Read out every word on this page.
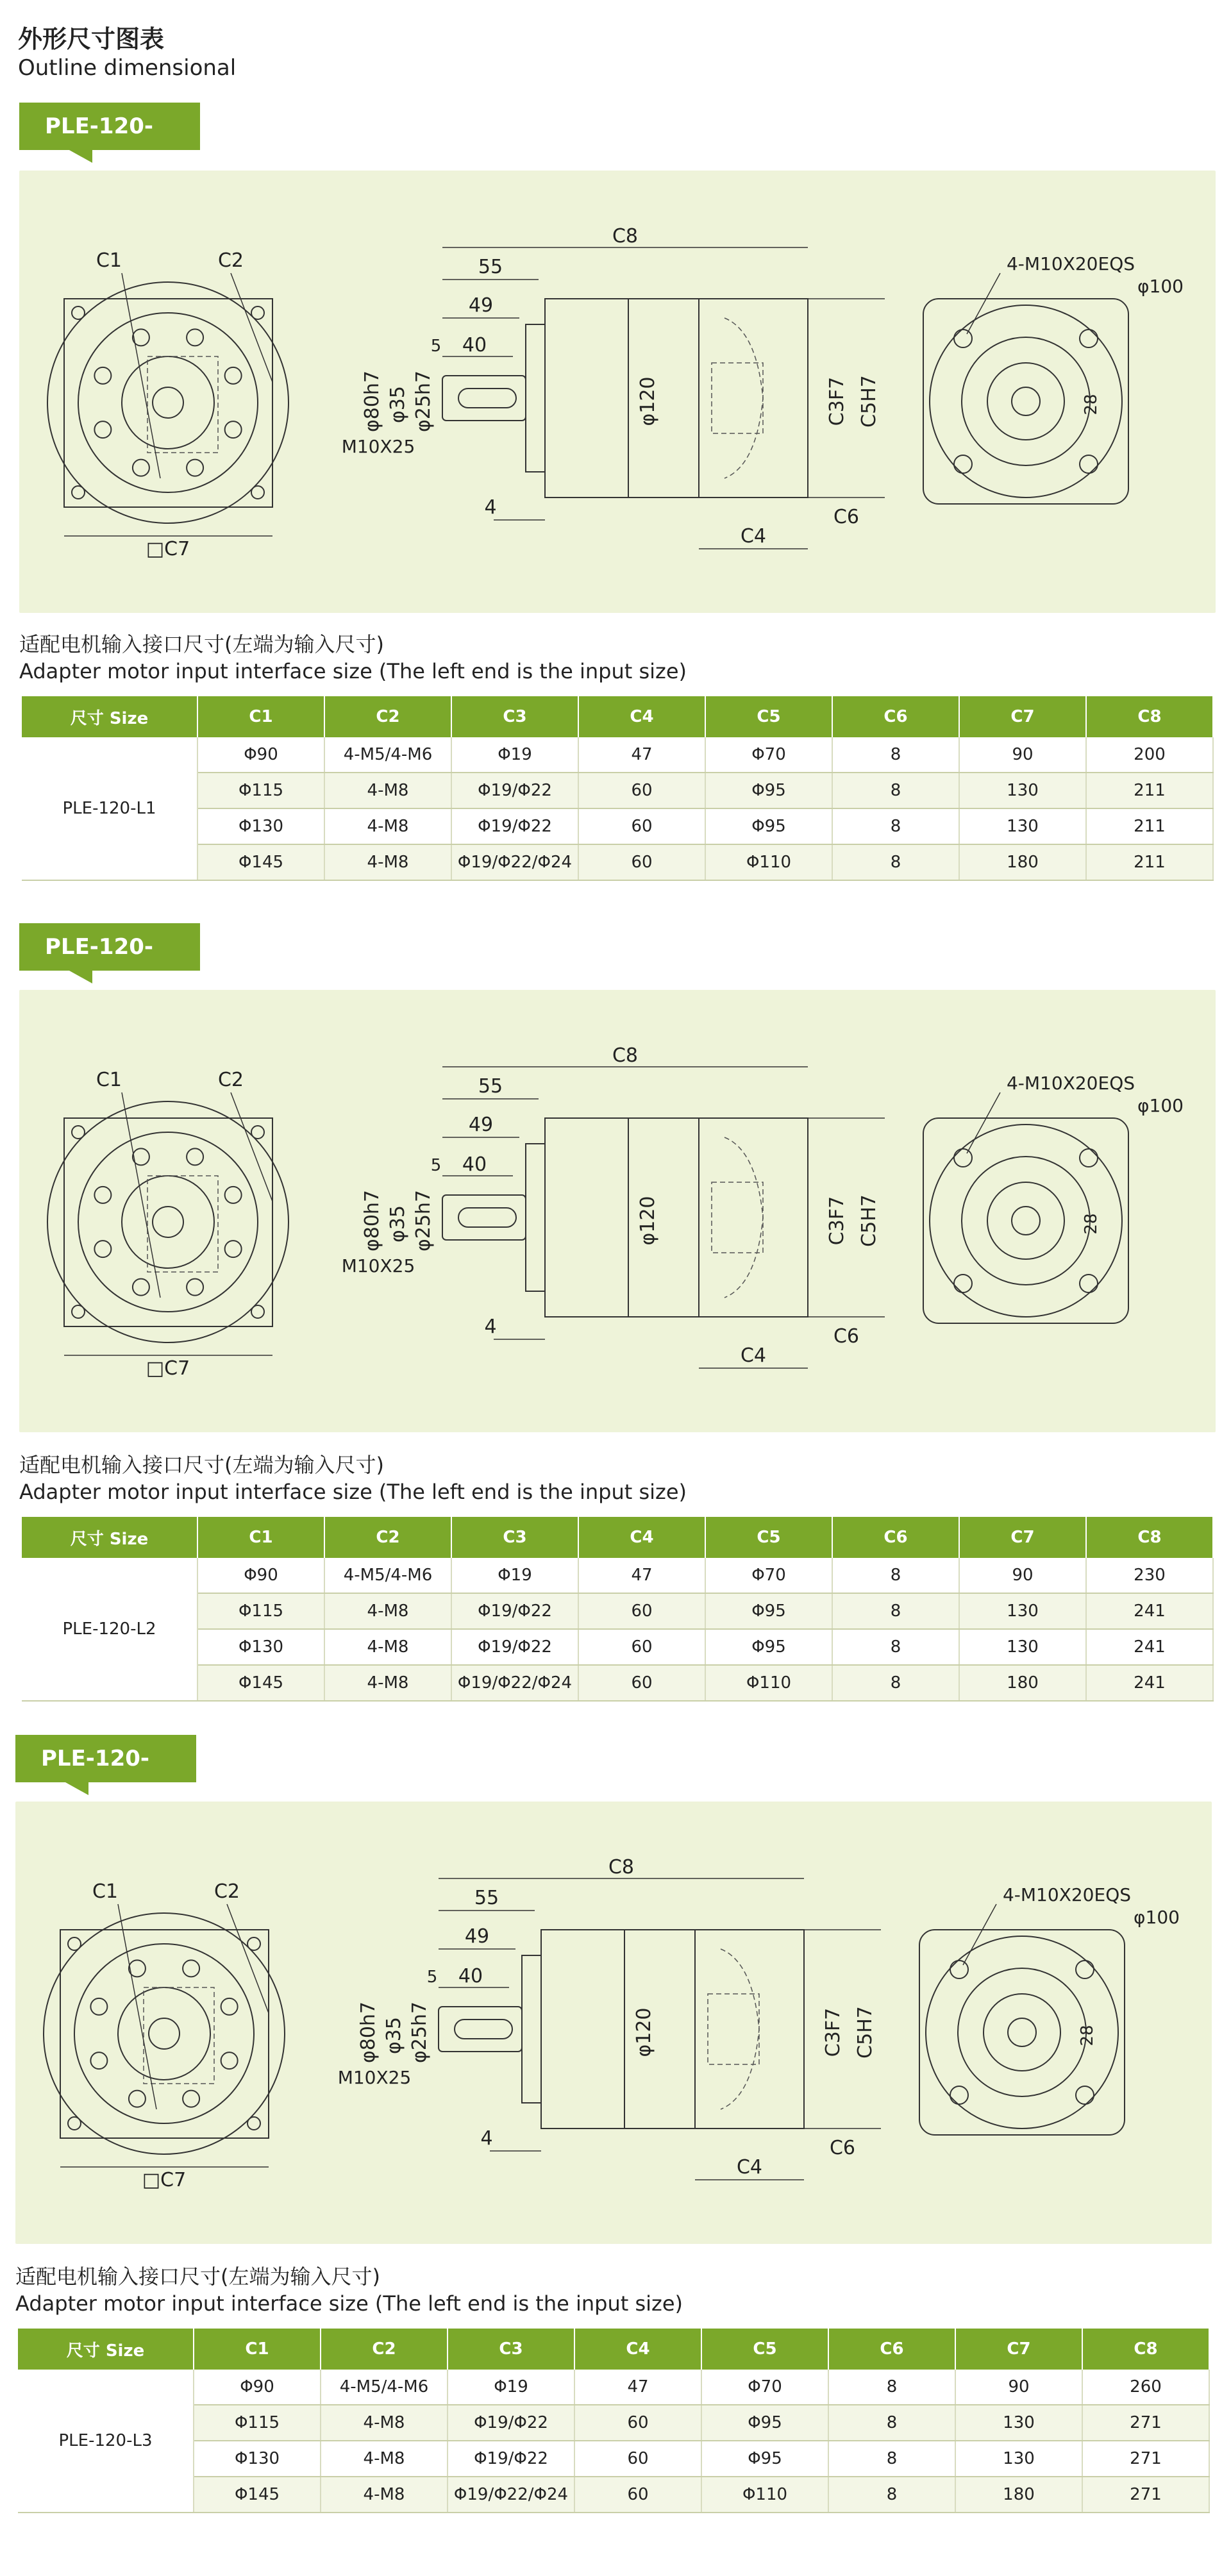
外形尺寸图表
Outline dimensional
PLE-120-
C1	C2
□C7
C8
55
49
5 40
φ80h7 φ35 φ25h7
M10X25
φ120	C3F7 C5H7
4
C4
C6
4-M10X20EQS
φ100
28
适配电机输入接口尺寸(左端为输入尺寸)
Adapter motor input interface size (The left end is the input size)
尺寸 Size	C1	C2	C3	C4	C5	C6	C7	C8
PLE-120-L1	Φ90	4-M5/4-M6	Φ19	47	Φ70	8	90	200
	Φ115	4-M8	Φ19/Φ22	60	Φ95	8	130	211
	Φ130	4-M8	Φ19/Φ22	60	Φ95	8	130	211
	Φ145	4-M8	Φ19/Φ22/Φ24	60	Φ110	8	180	211
PLE-120-
C1	C2
□C7
C8
55
49
5 40
φ80h7 φ35 φ25h7
M10X25
φ120	C3F7 C5H7
4
C4
C6
4-M10X20EQS
φ100
28
适配电机输入接口尺寸(左端为输入尺寸)
Adapter motor input interface size (The left end is the input size)
尺寸 Size	C1	C2	C3	C4	C5	C6	C7	C8
PLE-120-L2	Φ90	4-M5/4-M6	Φ19	47	Φ70	8	90	230
	Φ115	4-M8	Φ19/Φ22	60	Φ95	8	130	241
	Φ130	4-M8	Φ19/Φ22	60	Φ95	8	130	241
	Φ145	4-M8	Φ19/Φ22/Φ24	60	Φ110	8	180	241
PLE-120-
C1	C2
□C7
C8
55
49
5 40
φ80h7 φ35 φ25h7
M10X25
φ120	C3F7 C5H7
4
C4
C6
4-M10X20EQS
φ100
28
适配电机输入接口尺寸(左端为输入尺寸)
Adapter motor input interface size (The left end is the input size)
尺寸 Size	C1	C2	C3	C4	C5	C6	C7	C8
PLE-120-L3	Φ90	4-M5/4-M6	Φ19	47	Φ70	8	90	260
	Φ115	4-M8	Φ19/Φ22	60	Φ95	8	130	271
	Φ130	4-M8	Φ19/Φ22	60	Φ95	8	130	271
	Φ145	4-M8	Φ19/Φ22/Φ24	60	Φ110	8	180	271
